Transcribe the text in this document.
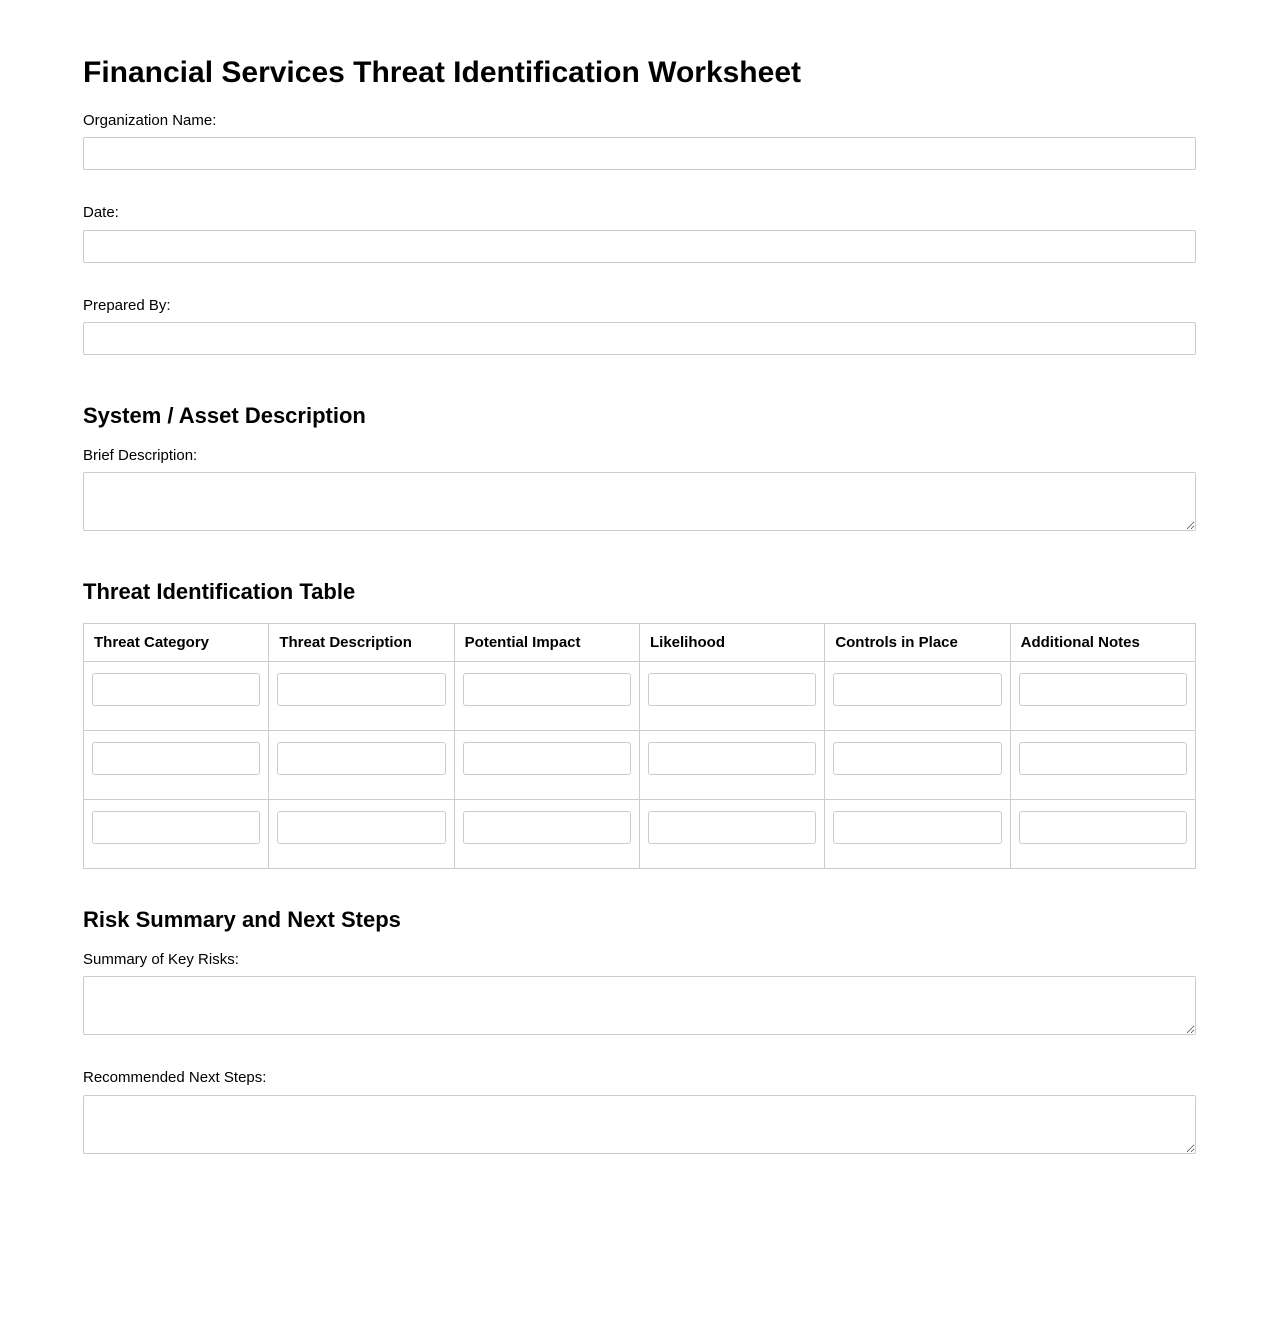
Financial Services Threat Identification Worksheet
Organization Name:
Date:
Prepared By:
System / Asset Description
Brief Description:
Threat Identification Table
Threat Category	Threat Description	Potential Impact	Likelihood	Controls in Place	Additional Notes

Risk Summary and Next Steps
Summary of Key Risks:
Recommended Next Steps:
